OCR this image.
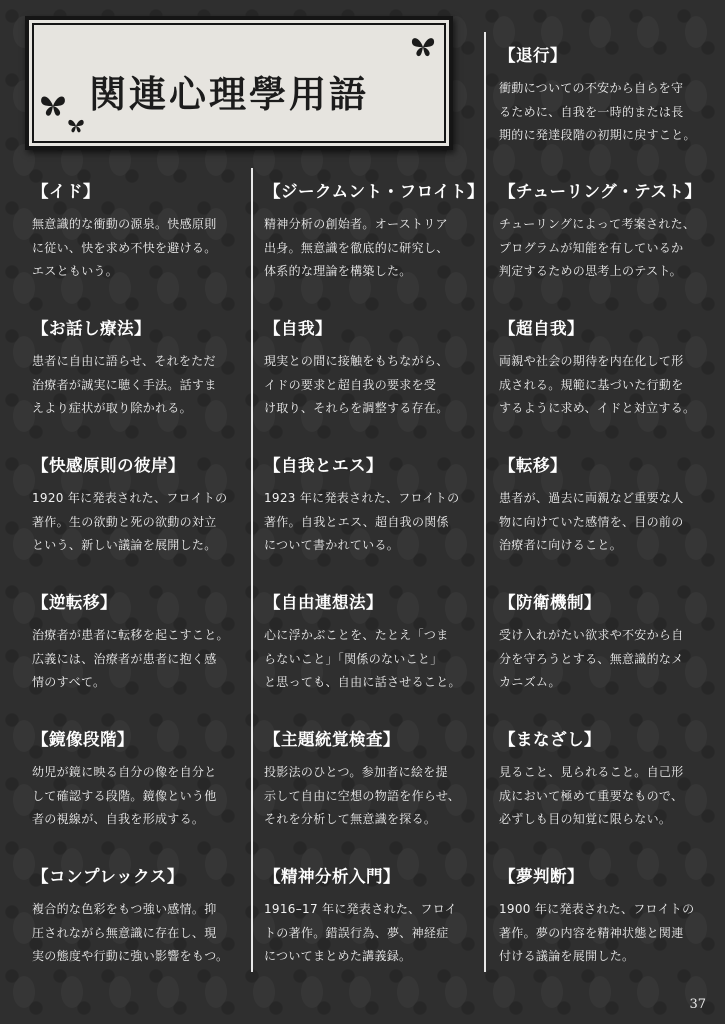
関連心理學用語
【退行】

衝動についての不安から自らを守
るために、自我を一時的または長
期的に発達段階の初期に戻すこと。

【イド】

無意識的な衝動の源泉。快感原則
に従い、快を求め不快を避ける。
エスともいう。

【ジークムント・フロイト】

精神分析の創始者。オーストリア
出身。無意識を徹底的に研究し、
体系的な理論を構築した。

【チューリング・テスト】

チューリングによって考案された、
プログラムが知能を有しているか
判定するための思考上のテスト。

【お話し療法】

患者に自由に語らせ、それをただ
治療者が誠実に聴く手法。話すま
えより症状が取り除かれる。

【自我】

現実との間に接触をもちながら、
イドの要求と超自我の要求を受
け取り、それらを調整する存在。

【超自我】

両親や社会の期待を内在化して形
成される。規範に基づいた行動を
するように求め、イドと対立する。

【快感原則の彼岸】

1920 年に発表された、フロイトの
著作。生の欲動と死の欲動の対立
という、新しい議論を展開した。

【自我とエス】

1923 年に発表された、フロイトの
著作。自我とエス、超自我の関係
について書かれている。

【転移】

患者が、過去に両親など重要な人
物に向けていた感情を、目の前の
治療者に向けること。

【逆転移】

治療者が患者に転移を起こすこと。
広義には、治療者が患者に抱く感
情のすべて。

【自由連想法】

心に浮かぶことを、たとえ「つま
らないこと」「関係のないこと」
と思っても、自由に話させること。

【防衛機制】

受け入れがたい欲求や不安から自
分を守ろうとする、無意識的なメ
カニズム。

【鏡像段階】

幼児が鏡に映る自分の像を自分と
して確認する段階。鏡像という他
者の視線が、自我を形成する。

【主題統覚検査】

投影法のひとつ。参加者に絵を提
示して自由に空想の物語を作らせ、
それを分析して無意識を探る。

【まなざし】

見ること、見られること。自己形
成において極めて重要なもので、
必ずしも目の知覚に限らない。

【コンプレックス】

複合的な色彩をもつ強い感情。抑
圧されながら無意識に存在し、現
実の態度や行動に強い影響をもつ。

【精神分析入門】

1916–17 年に発表された、フロイ
トの著作。錯誤行為、夢、神経症
についてまとめた講義録。

【夢判断】

1900 年に発表された、フロイトの
著作。夢の内容を精神状態と関連
付ける議論を展開した。

37
